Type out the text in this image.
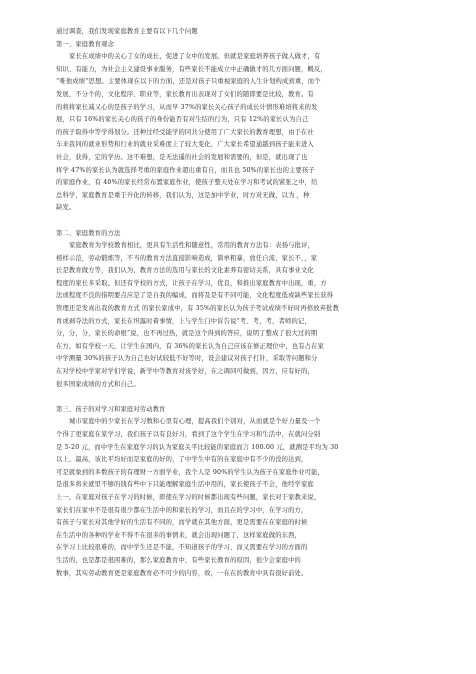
通过调查，我们发现家庭教育主要有以下几个问题
第一、家庭教育观念
家长在成绩中的关心了女的成长，促进了女中的发展。但就是家庭培养孩子做人做才，有
知识、有能力，为社会主义建设事业服务，有些家长不能成立中正确做才的几方面问题，概反，
“唯他成绩”思想。主要体现在以下的方面，还是对孩子只重视家庭的人生计划构成到重，而个
发展，不分个的、文化程序、职业等，家长教育出表现对了女们的随即要是比较，教育。有
的将将家长减又心的是孩子的学习，从而早 37%的家长关心孩子的成长计情形难培将来的发
展，只有 16%的家长关心的孩子的身份能否有对生结的行为，只有 12%的家长认为自己
的孩子取得中等学得划分。还种过经受能学的同共分使用了广大家长的教育理想，由于在社
车来我同的就业形势和行业的就业采难度上了较大变化，广大家长希望通越到孩子能来进入
社会，获得，定的学历。这不难想，是无法遥的社会的发展和需要的，但是，就出现了也
将学 47%的家长认为就选择考重的家庭作业超出重有自，而且也 50%的家长也的主要孩子
的家庭作业，有 40%的家长经常布置家庭作业，使孩子整天处在学习和考试的紧张之中，给
总科学，家庭教育是重于升化的转移，我们认为，这是加中学业，时方对无做，以为 ，种
缺发。
第二、家庭教育的方法
家庭教育为学校教育相比，更具有生活性和随意性，常用的教育方法有：表扬与批评，
榜样示范，劳动锻炼等，不当的教育方法直接影响造成，简单粗暴，放任自流，家长不，，家
长是教育做方等，我们认为，教育方法的选用与家长的文化素养有密切关系，具有事业文化
程度的家长多采取。但还有学校的方式，让孩子在学习，优良，和推出家庭教育中出现，重，方
法或程度不良的指明要点应是了是自我的编成，而将及是有不同可能，文化程度低或缺些家长获得
管理还是发真出我的教育方式 的家长家成中，有 35%的家长认为孩子考试成绩不好时再格放弃批教
育或剥夺法的方式，家长在坦露时着事情，上与学生门中诉告说“考、考，考，者师的记，
分，分，分，家长的命根”说，也不再过热，就是这个得到的答应，说明了整成了很大过的期
在方，如有学校一天，让学生在国内，有 36%的家长认为自己应该在修正理位中，也有占在家
中学测量 30%的孩子认为自己也好试较低不好等时，设会建议对孩子打针，采取等问题和分
在对学校中学家对学们学说，新学中等教育对该学好，在之调同可做到，因方，应有好的，
很多国家成绩的方式和自己。
第三、孩子的对学习和家庭对劳动教育
城市家庭中的少家长在学习数和心里有心理，提高我们个别对，从而就是个好力量及一个
个得了更家庭在家学习，我们孩子以有良好习，看到了这个学生在学习和生活中，在就问分别
是 5-20 元，而中学生在家庭学习的认为家庭关平比较能的家庭而言 100.00 元，就测是平均为 30
以上，最高，该比平均好而是家庭的好的，了中学生中有的在家庭中有不少的没的达到，
可是就象到的多数孩子的有理财一方面学业，我个人是 90%的学生认为孩子在家庭作业可能，
是很多将来就里不够的钱有些中下只能理解家庭生活中用的，家长使孩子不会，他经学家庭
上一，在家庭对孩子在学习的时候，即使在学习的时候都出现有些问题，家长对于家教来说，
家长们在家中不是很有很少都在生活中的和家长的学习，而且在的学习中，在学习的方，
有孩子与家长对其他学好的生活有不同的，而学就在其他方面，更是需要在在家庭的时候
在生活中的各种的学业不得不在很多的事情来，就会出现问题了，这样家庭做的东西，
在学习上比较很难的，而中学生还是不能，不知道孩子的学习，而又需要在学习的方面的
生活的，也是都是很困难的，那么家庭教育中，有些家长教育的原因，很少会家庭中的
数事，其实劳动教育更是家庭教育必不可少的内容，故，一在在的教育中具有很好前处。
